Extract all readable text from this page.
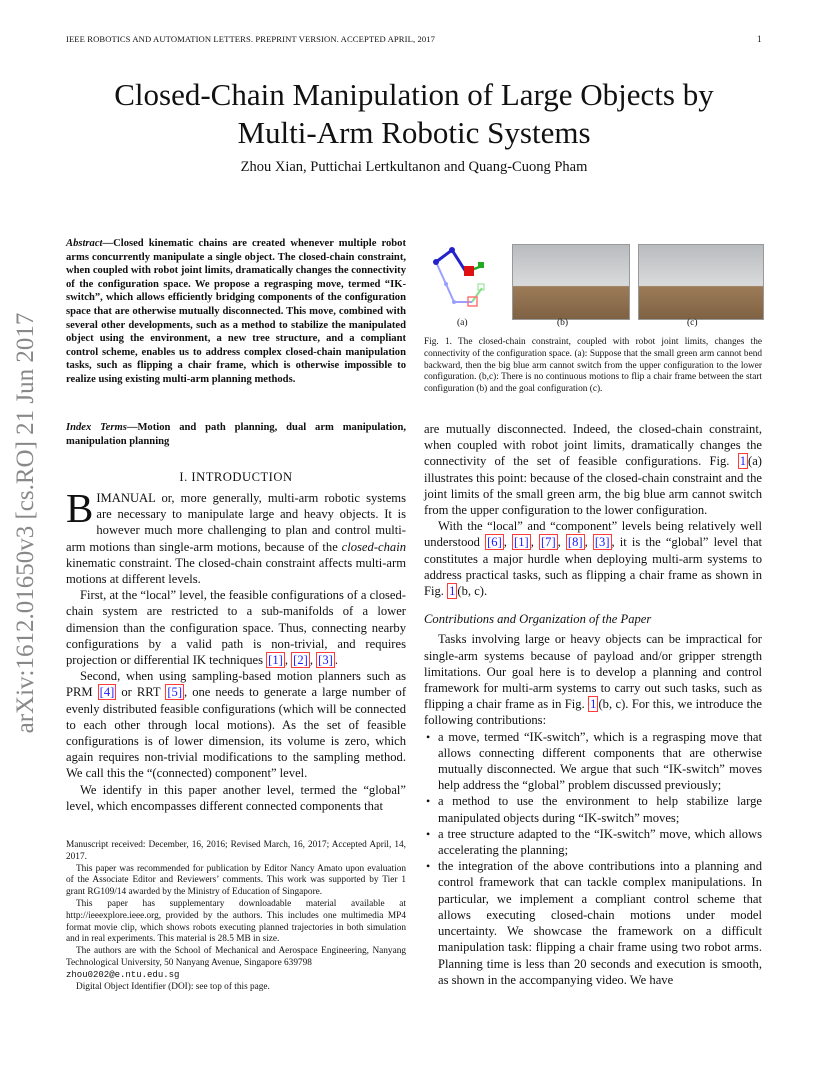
IEEE ROBOTICS AND AUTOMATION LETTERS. PREPRINT VERSION. ACCEPTED APRIL, 2017	1
arXiv:1612.01650v3 [cs.RO] 21 Jun 2017
Closed-Chain Manipulation of Large Objects by
Multi-Arm Robotic Systems
Zhou Xian, Puttichai Lertkultanon and Quang-Cuong Pham
Abstract—Closed kinematic chains are created whenever multiple robot arms concurrently manipulate a single object. The closed-chain constraint, when coupled with robot joint limits, dramatically changes the connectivity of the configuration space. We propose a regrasping move, termed “IK-switch”, which allows efficiently bridging components of the configuration space that are otherwise mutually disconnected. This move, combined with several other developments, such as a method to stabilize the manipulated object using the environment, a new tree structure, and a compliant control scheme, enables us to address complex closed-chain manipulation tasks, such as flipping a chair frame, which is otherwise impossible to realize using existing multi-arm planning methods.
Index Terms—Motion and path planning, dual arm manipulation, manipulation planning
I. INTRODUCTION

BIMANUAL or, more generally, multi-arm robotic systems are necessary to manipulate large and heavy objects. It is however much more challenging to plan and control multi-arm motions than single-arm motions, because of the closed-chain kinematic constraint. The closed-chain constraint affects multi-arm motions at different levels.

First, at the “local” level, the feasible configurations of a closed-chain system are restricted to a sub-manifolds of a lower dimension than the configuration space. Thus, connecting nearby configurations by a valid path is non-trivial, and requires projection or differential IK techniques [1] , [2] , [3] .

Second, when using sampling-based motion planners such as PRM [4] or RRT [5] , one needs to generate a large number of evenly distributed feasible configurations (which will be connected to each other through local motions). As the set of feasible configurations is of lower dimension, its volume is zero, which again requires non-trivial modifications to the sampling method. We call this the “(connected) component” level.

We identify in this paper another level, termed the “global” level, which encompasses different connected components that

Manuscript received: December, 16, 2016; Revised March, 16, 2017; Accepted April, 14, 2017.

This paper was recommended for publication by Editor Nancy Amato upon evaluation of the Associate Editor and Reviewers’ comments. This work was supported by Tier 1 grant RG109/14 awarded by the Ministry of Education of Singapore.

This paper has supplementary downloadable material available at http://ieeexplore.ieee.org, provided by the authors. This includes one multimedia MP4 format movie clip, which shows robots executing planned trajectories in both simulation and in real experiments. This material is 28.5 MB in size.

The authors are with the School of Mechanical and Aerospace Engineering, Nanyang Technological University, 50 Nanyang Avenue, Singapore 639798
zhou0202@e.ntu.edu.sg

Digital Object Identifier (DOI): see top of this page.

(a)	(b)	(c)
Fig. 1. The closed-chain constraint, coupled with robot joint limits, changes the connectivity of the configuration space. (a): Suppose that the small green arm cannot bend backward, then the big blue arm cannot switch from the upper configuration to the lower configuration. (b,c): There is no continuous motions to flip a chair frame between the start configuration (b) and the goal configuration (c).

are mutually disconnected. Indeed, the closed-chain constraint, when coupled with robot joint limits, dramatically changes the connectivity of the set of feasible configurations. Fig. 1 (a) illustrates this point: because of the closed-chain constraint and the joint limits of the small green arm, the big blue arm cannot switch from the upper configuration to the lower configuration.

With the “local” and “component” levels being relatively well understood [6] , [1] , [7] , [8] , [3] , it is the “global” level that constitutes a major hurdle when deploying multi-arm systems to address practical tasks, such as flipping a chair frame as shown in Fig. 1 (b, c).

Contributions and Organization of the Paper

Tasks involving large or heavy objects can be impractical for single-arm systems because of payload and/or gripper strength limitations. Our goal here is to develop a planning and control framework for multi-arm systems to carry out such tasks, such as flipping a chair frame as in Fig. 1 (b, c). For this, we introduce the following contributions:

• a move, termed “IK-switch”, which is a regrasping move that allows connecting different components that are otherwise mutually disconnected. We argue that such “IK-switch” moves help address the “global” problem discussed previously;
• a method to use the environment to help stabilize large manipulated objects during “IK-switch” moves;
• a tree structure adapted to the “IK-switch” move, which allows accelerating the planning;
• the integration of the above contributions into a planning and control framework that can tackle complex manipulations. In particular, we implement a compliant control scheme that allows executing closed-chain motions under model uncertainty. We showcase the framework on a difficult manipulation task: flipping a chair frame using two robot arms. Planning time is less than 20 seconds and execution is smooth, as shown in the accompanying video. We have
